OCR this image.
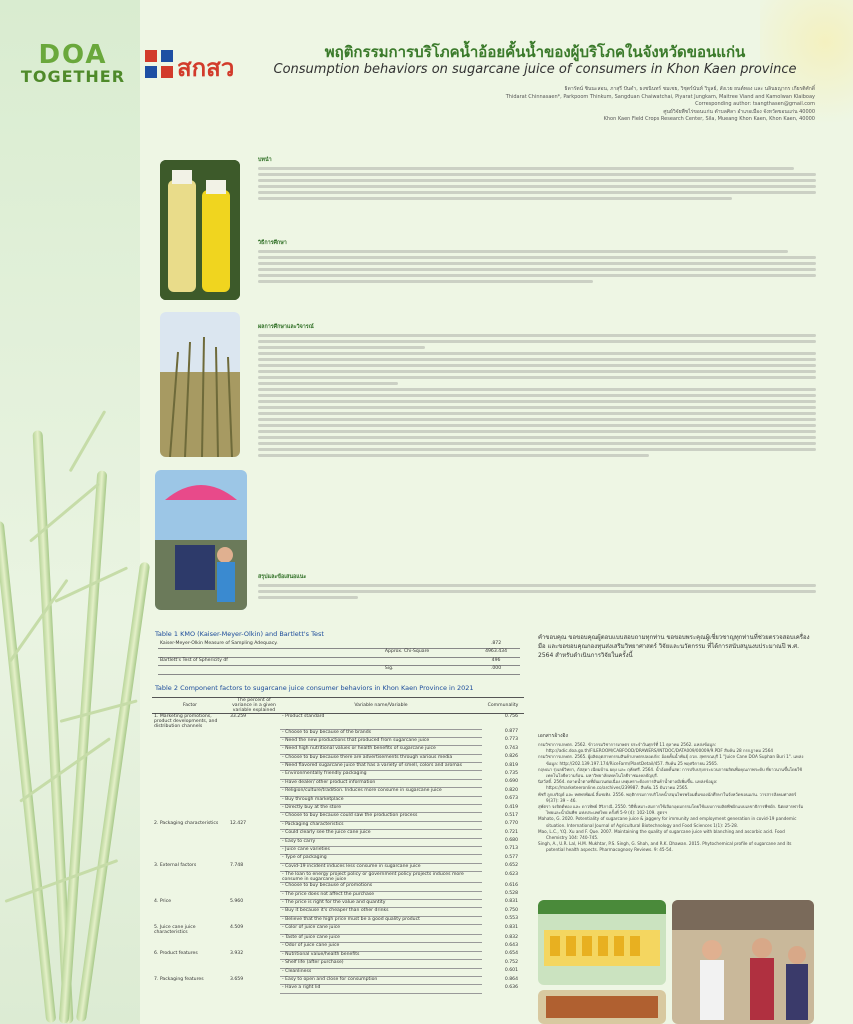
DOA
TOGETHER สกสว
พฤติกรรมการบริโภคน้ำอ้อยคั้นน้ำของผู้บริโภคในจังหวัดขอนแก่น
Consumption behaviors on sugarcane juice of consumers in Khon Kaen province
ธิดารัตน์ ชินนะสอน, ภาสุรี ปันดำ, ธงชนินทร์ ชมเชย, วิชุตร์นันท์ วิบูลย์, สังเวย ยนต์ทอง และ นลินธญากร เกียรติศักดิ์
Thidarat Chinnasaen*, Parkpoom Thinkum, Sangduan Chaiwatchai, Piyarat Jungkam, Maitree Viand and Kamolwan Klaiboay
Corresponding author: tsangthasen@gmail.com
ศูนย์วิจัยพืชไร่ขอนแก่น ตำบลศิลา อำเภอเมือง จังหวัดขอนแก่น 40000
Khon Kaen Field Crops Research Center, Sila, Mueang Khon Kaen, Khon Kaen, 40000
บทนำ
วิธีการศึกษา
ผลการศึกษาและวิจารณ์
สรุปและข้อเสนอแนะ
Table 1 KMO (Kaiser-Meyer-Olkin) and Bartlett's Test
Kaiser-Meyer-Olkin Measure of Sampling Adequacy.		.872
	Approx. Chi-Square	4963.434
Bartlett's Test of Sphericity df		496
	Sig.	.000
Table 2 Component factors to sugarcane juice consumer behaviors in Khon Kaen Province in 2021
Factor	The percent of variance in a given variable explained	Variable name/Variable	Communality
1. Marketing promotions, product developments, and distribution channels	33.259	- Product standard	0.756
		- Choose to buy because of the brands	0.877
		- Need the new productions that produced from sugarcane juice	0.773
		- Need high nutritional values or health benefits of sugarcane juice	0.743
		- Choose to buy because there are advertisements through various media	0.826
		- Need flavored sugarcane juice that has a variety of smell, colors and aromas	0.819
		- Environmentally friendly packaging	0.735
		- Have dealer/ other product information	0.690
		- Religion/culture/tradition. Induces more consume in sugarcane juice	0.820
		- Buy through marketplace	0.673
		- Directly buy at the store	0.419
		- Choose to buy because could saw the production process	0.517
2. Packaging characteristics	12.427	- Packaging characteristics	0.770
		- Could clearly see the juice cane juice	0.721
		- Easy to carry	0.680
		- Juice cane varieties	0.713
		- Type of packaging	0.577
3. External factors	7.748	- Covid-19 incident induces less consume in sugarcane juice	0.652
		- The loan to energy project policy or government policy projects induces more consume in sugarcane juice	0.623
		- Choose to buy because of promotions	0.616
		- The price does not affect the purchase	0.528
4. Price	5.960	- The price is right for the value and quantity	0.831
		- Buy it because it's cheaper than other drinks	0.750
		- Believe that the high price must be a good quality product	0.553
5. Juice cane juice characteristics	4.509	- Color of juice cane juice	0.831
		- Taste of juice cane juice	0.832
		- Odor of juice cane juice	0.643
6. Product features	3.932	- Nutritional value/health benefits	0.654
		- Shelf life (after purchase)	0.752
		- Cleanliness	0.601
7. Packaging features	3.659	- Easy to open and close for consumption	0.864
		- Have a right lid	0.636
คำขอบคุณ ขอขอบคุณผู้ตอบแบบสอบถามทุกท่าน ขอขอบพระคุณผู้เชี่ยวชาญทุกท่านที่ช่วยตรวจสอบเครื่องมือ และขอขอบคุณกองทุนส่งเสริมวิทยาศาสตร์ วิจัยและนวัตกรรม ที่ได้การสนับสนุนงบประมาณปี พ.ศ. 2564 สำหรับดำเนินการวิจัยในครั้งนี้
เอกสารอ้างอิง
กรมวิชาการเกษตร. 2562. ข้าวกรมวิชาการเกษตร ประจำวันศุกร์ที่ 11 ตุลาคม 2562. แหล่งข้อมูล: http://adic.doa.go.th/FILEROOM/CABFOOD/DRAWERS/INTDOC/DATA009/00009/9.PDF สืบค้น 28 กรกฎาคม 2564
กรมวิชาการเกษตร. 2565. ผู้ผลิตอุตสาหกรรมสินค้าเกษตรปลอดภัย: อ้อยคั้นน้ำพันธุ์ ถวย. สุพรรณบุรี 1 "Juice Cane DOA Suphan Buri 1". แหล่งข้อมูล: http://202.139.197.174/RiceFarm/PlantDetail/457. สืบค้น 25 พฤศจิกายน 2565.
กฤษณา รุ่งเลย์วิทยา, ภัสสุดา เนียมบ้าน ผดุง และ ฤทัยศรี. 2564. น้ำอ้อยคั้นสด: การปรับปรุงกระบวนการผลิตเพื่อคุณภาพระดับ ที่ยาวนานขึ้นโดยใช้เทคโนโลยีความร้อน. มหาวิทยาลัยเทคโนโลยีราชมงคลธัญบุรี.
นิสวัสดิ์. 2564. ตลาดน้ำตาลที่ผันผวนต่อเนื่อง เหตุเพราะต้องการสินค้าน้ำตาลมีเพิ่มขึ้น. แหล่งข้อมูล: https://marketeeronline.co/archives/239987. สืบค้น 15 ธันวาคม 2565.
พัชรี ลูกเจริญย์ และ ทศพรพัฒน์ ลิ้มชเทิง. 2556. พฤติกรรมการบริโภคน้ำสมุนไพรพร้อมดื่มของนักศึกษาในจังหวัดขอนแก่น. วารสารสังคมศาสตร์ 9(37): 39 – 46.
สุพัตรา จงจิตต์ทอง และ ดาวทิพย์ สิริภาณี. 2550. วิธีที่เหมาะสมการใช้เลือกอุดมกรรมโดยใช้แบบการผลิตพืชผักแบบเลขาธิการพืชผัก. นิตยสารฟาร์มไทยและน้ำมันพืช แห่งประเทศไทย ครั้งที่ 5-9 (4): 102-109. สูตรฯ
Mahato, G. 2020. Potentiality of sugarcane juice & jaggery for immunity and employment generation in covid-19 pandemic situation. International Journal of Agricultural Biotechnology and Food Sciences 1(1): 25-28.
Mao, L.C., Y.Q. Xu and F. Que. 2007. Maintaining the quality of sugarcane juice with blanching and ascorbic acid. Food Chemistry 104: 740-745.
Singh, A., U.R. Lal, H.M. Mukhtar, P.S. Singh, G. Shah, and R.K. Dhawan. 2015. Phytochemical profile of sugarcane and its potential health aspects. Pharmacognosy Reviews. 9: 45-54.
